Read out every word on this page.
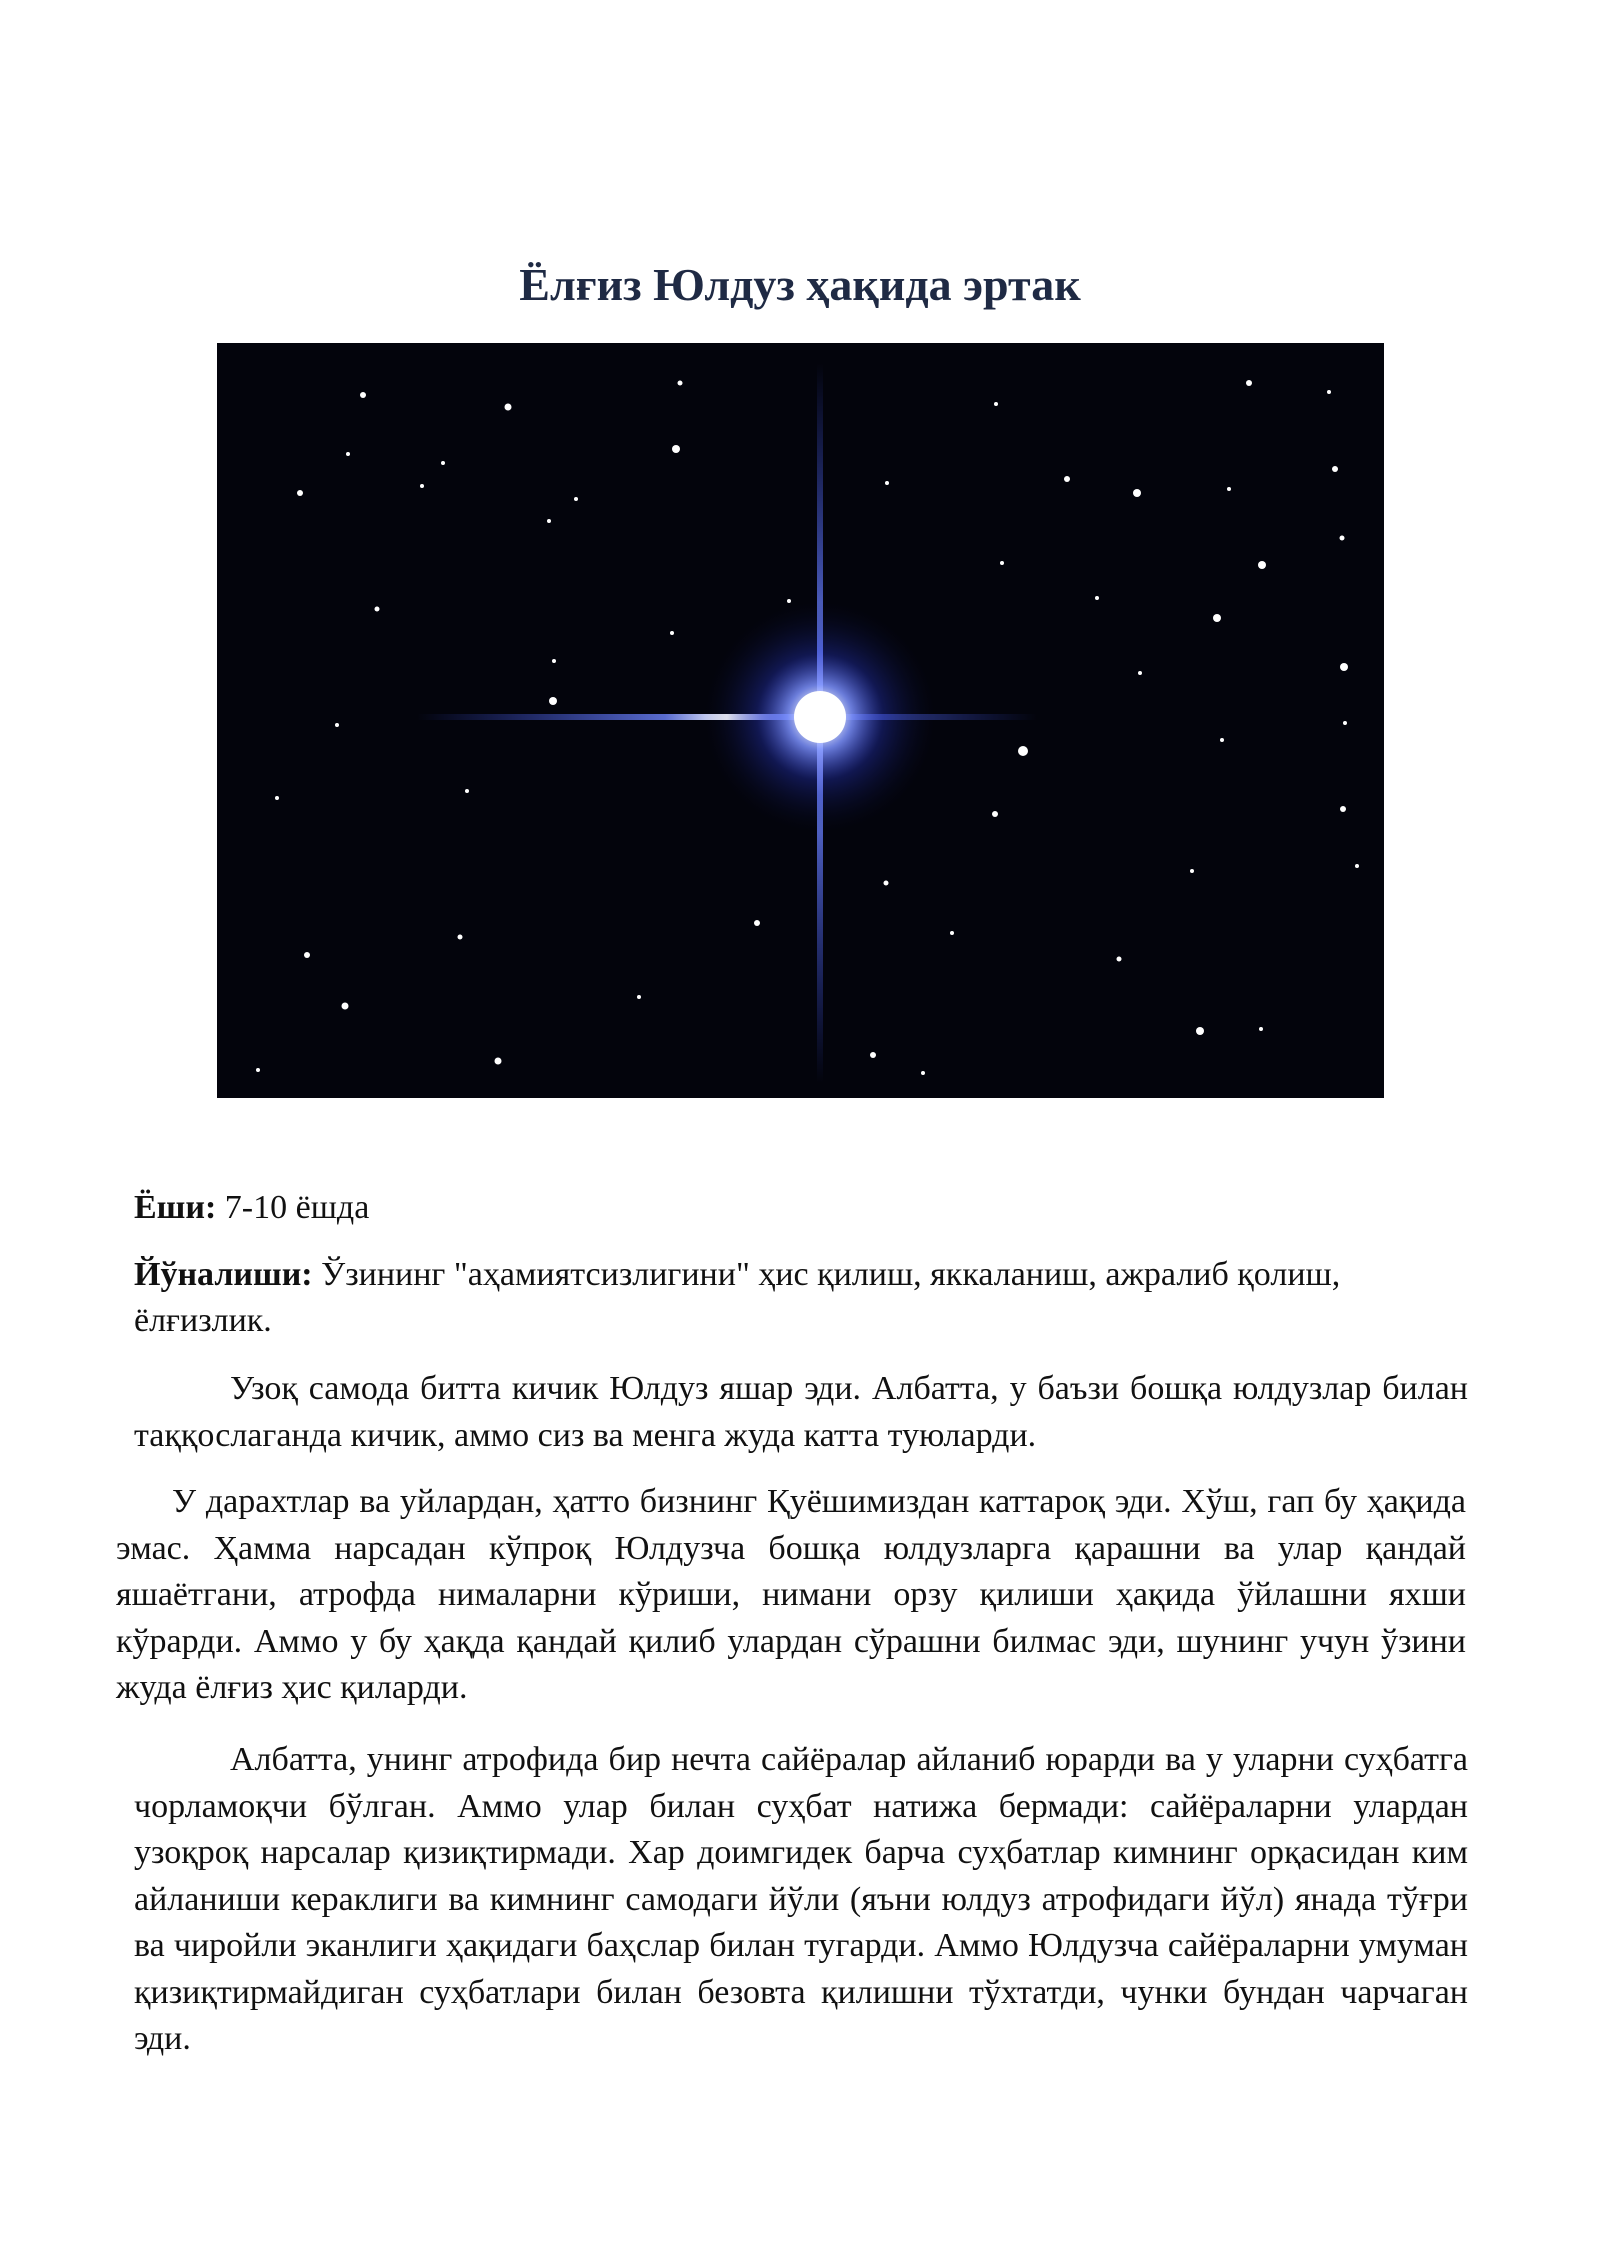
Ёлғиз Юлдуз ҳақида эртак

Ёши: 7-10 ёшда

Йўналиши: Ўзининг "аҳамиятсизлигини" ҳис қилиш, яккаланиш, ажралиб қолиш, ёлғизлик.

Узоқ самода битта кичик Юлдуз яшар эди. Албатта, у баъзи бошқа юлдузлар билан таққослаганда кичик, аммо сиз ва менга жуда катта туюларди.

У дарахтлар ва уйлардан, ҳатто бизнинг Қуёшимиздан каттароқ эди. Хўш, гап бу ҳақида эмас. Ҳамма нарсадан кўпроқ Юлдузча бошқа юлдузларга қарашни ва улар қандай яшаётгани, атрофда нималарни кўриши, нимани орзу қилиши ҳақида ўйлашни яхши кўрарди. Аммо у бу ҳақда қандай қилиб улардан сўрашни билмас эди, шунинг учун ўзини жуда ёлғиз ҳис қиларди.

Албатта, унинг атрофида бир нечта сайёралар айланиб юрарди ва у уларни суҳбатга чорламоқчи бўлган. Аммо улар билан суҳбат натижа бермади: сайёраларни улардан узоқроқ нарсалар қизиқтирмади. Хар доимгидек барча суҳбатлар кимнинг орқасидан ким айланиши кераклиги ва кимнинг самодаги йўли (яъни юлдуз атрофидаги йўл) янада тўғри ва чиройли эканлиги ҳақидаги баҳслар билан тугарди. Аммо Юлдузча сайёраларни умуман қизиқтирмайдиган суҳбатлари билан безовта қилишни тўхтатди, чунки бундан чарчаган эди.
